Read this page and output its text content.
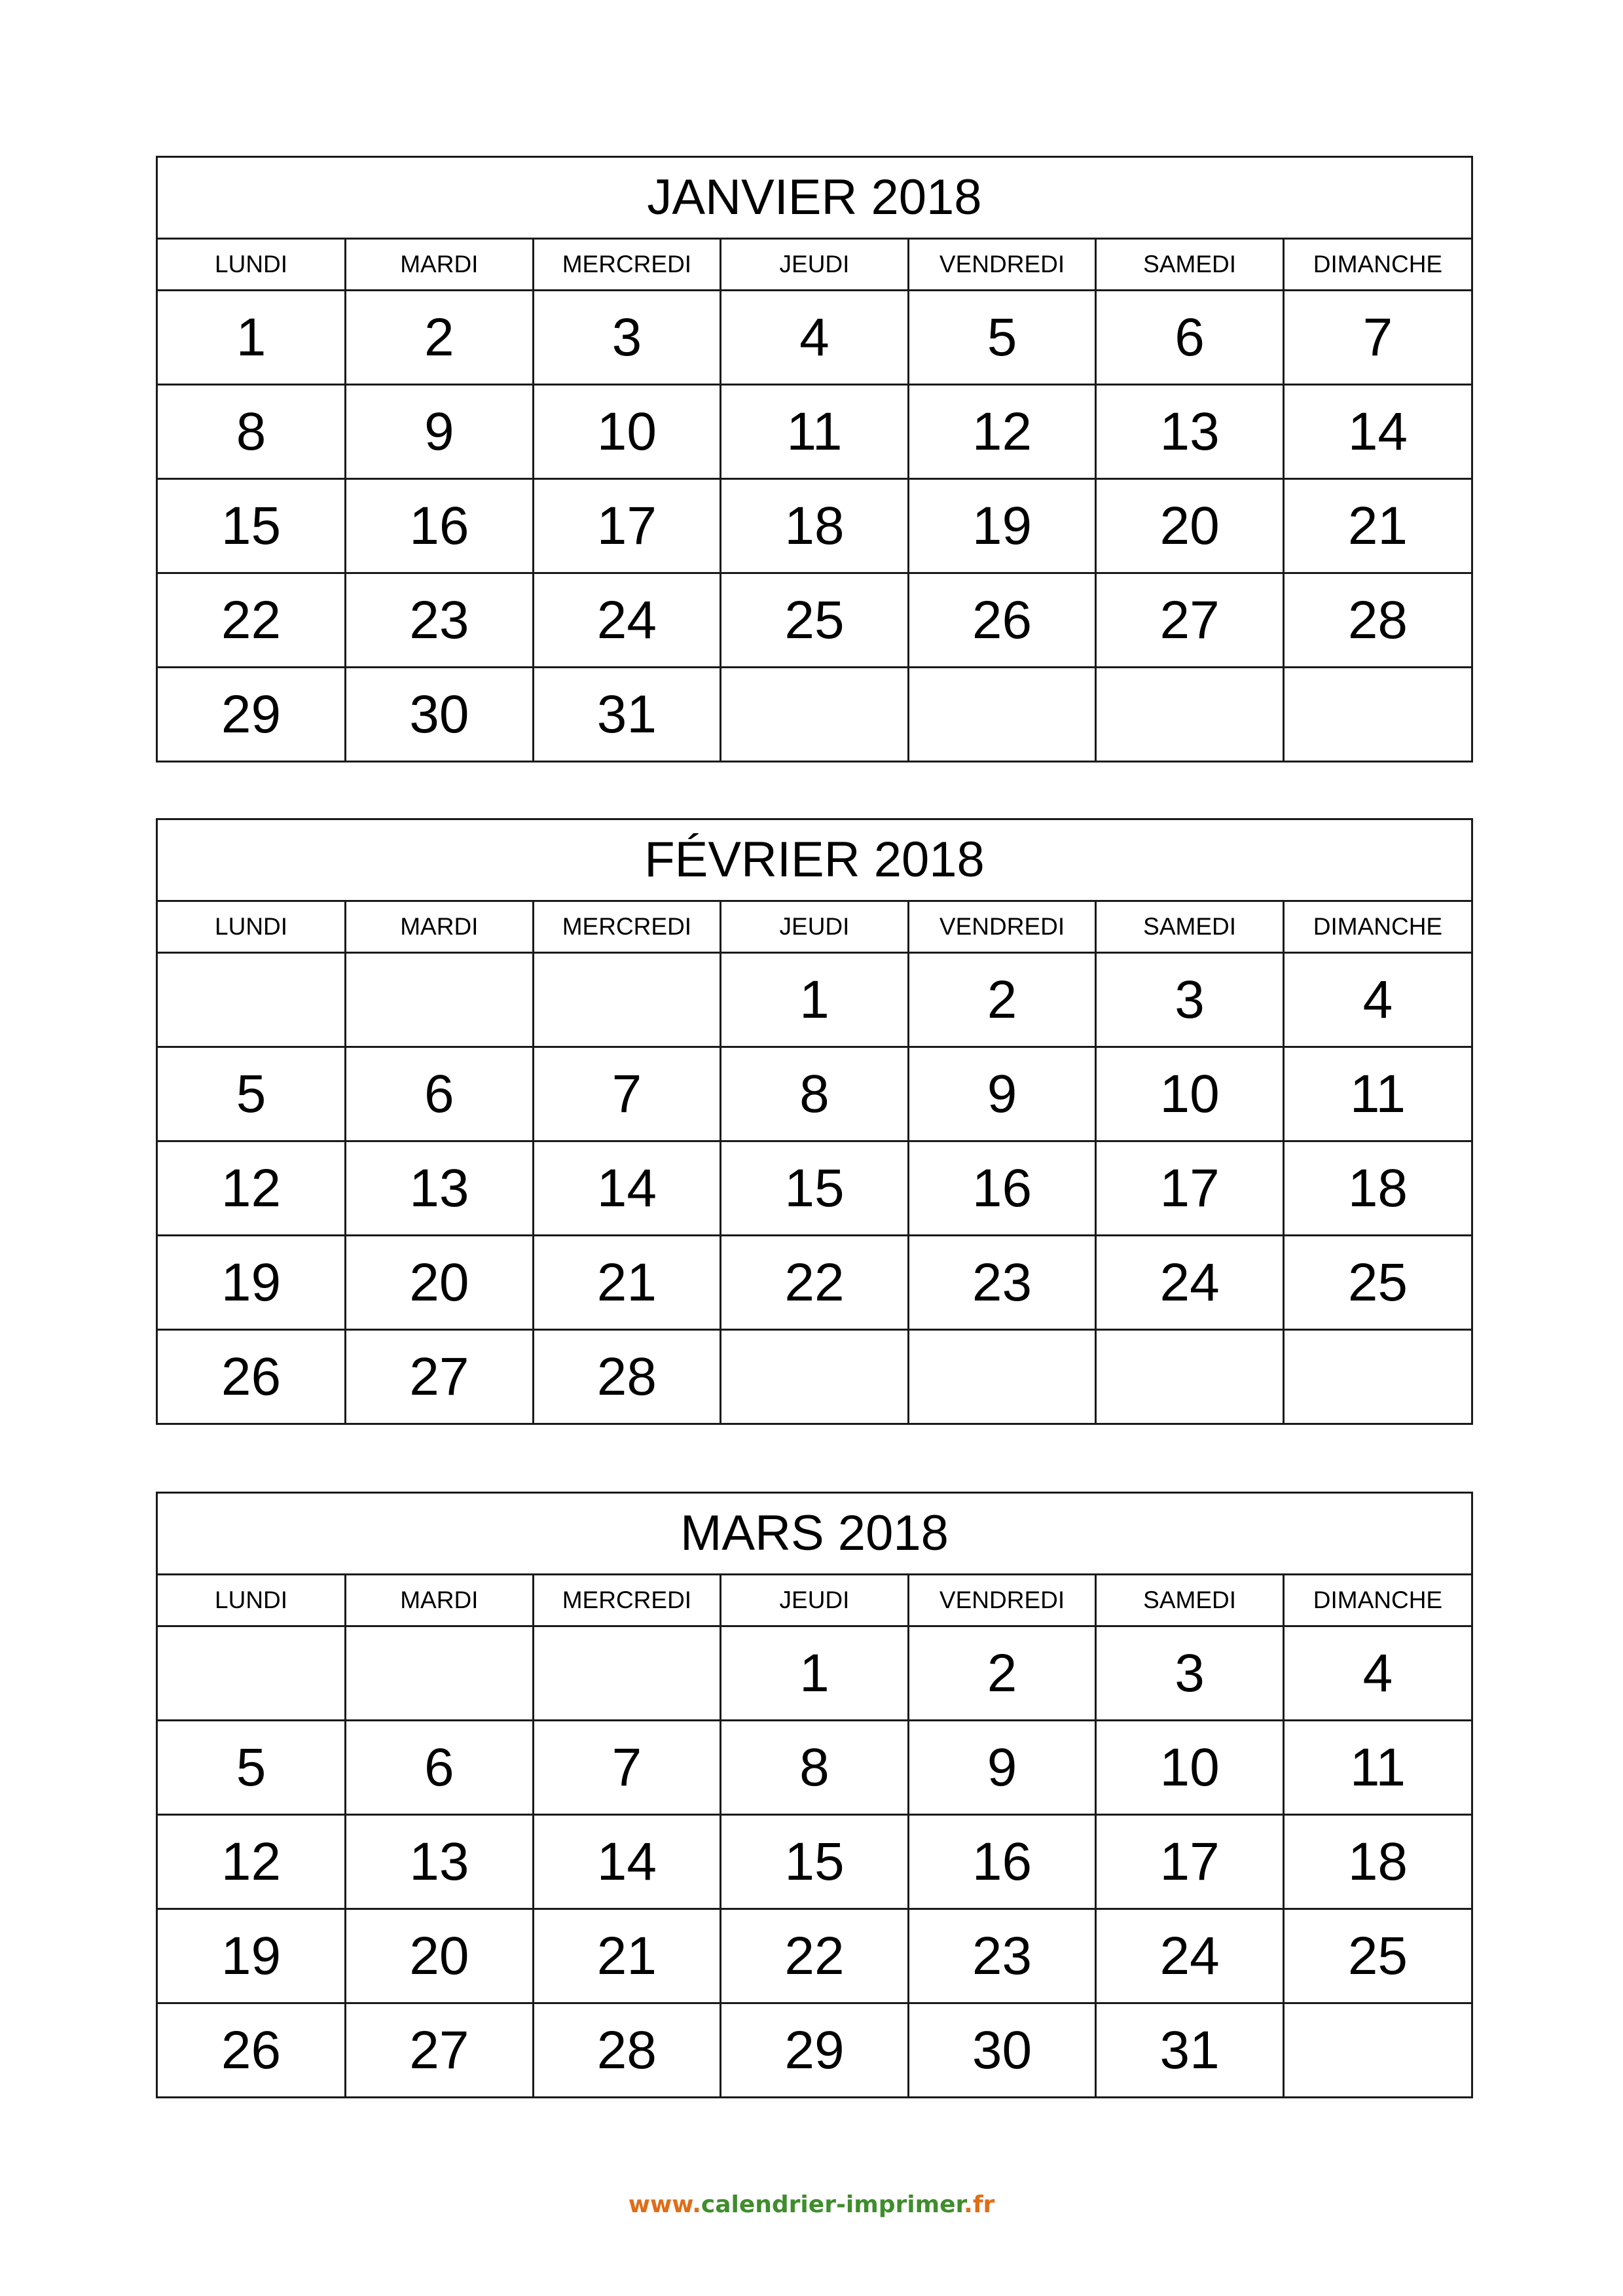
JANVIER 2018						
LUNDI	MARDI	MERCREDI	JEUDI	VENDREDI	SAMEDI	DIMANCHE
1	2	3	4	5	6	7
8	9	10	11	12	13	14
15	16	17	18	19	20	21
22	23	24	25	26	27	28
29	30	31				
FÉVRIER 2018						
LUNDI	MARDI	MERCREDI	JEUDI	VENDREDI	SAMEDI	DIMANCHE
			1	2	3	4
5	6	7	8	9	10	11
12	13	14	15	16	17	18
19	20	21	22	23	24	25
26	27	28				
MARS 2018						
LUNDI	MARDI	MERCREDI	JEUDI	VENDREDI	SAMEDI	DIMANCHE
			1	2	3	4
5	6	7	8	9	10	11
12	13	14	15	16	17	18
19	20	21	22	23	24	25
26	27	28	29	30	31	
www.calendrier-imprimer.fr
